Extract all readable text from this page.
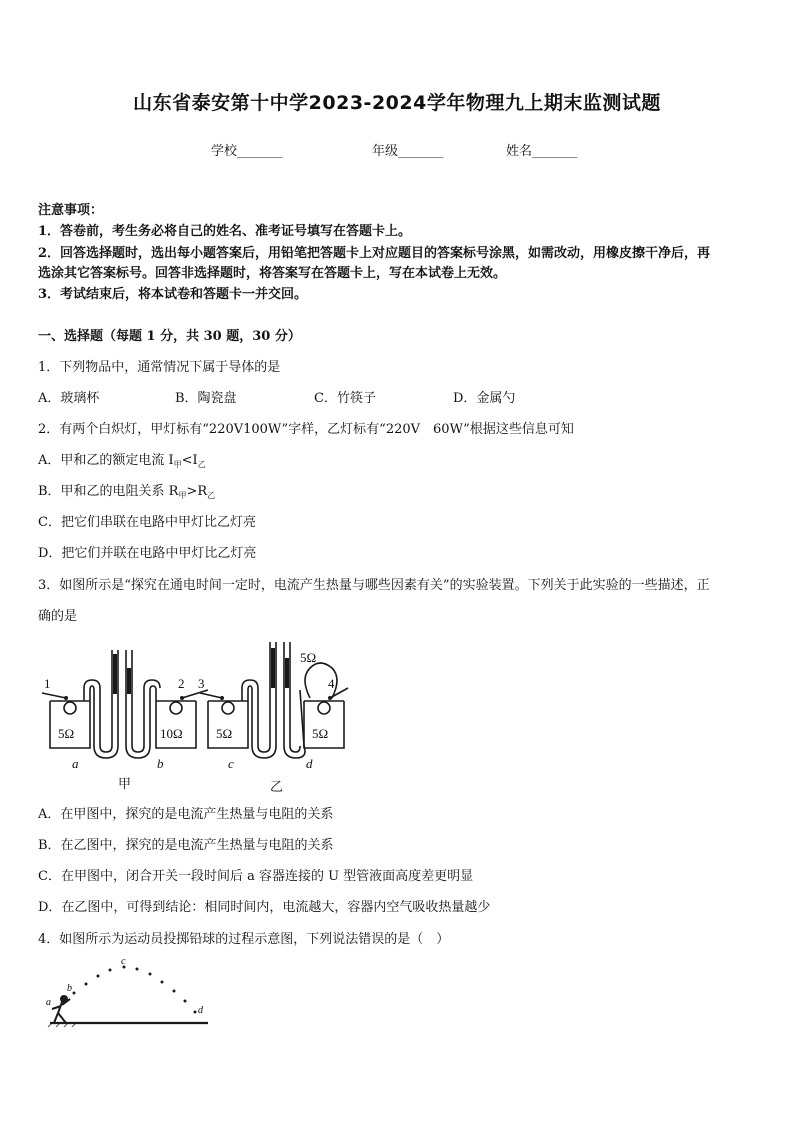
山东省泰安第十中学2023-2024学年物理九上期末监测试题
学校_______	年级_______	姓名_______
注意事项：
1．答卷前，考生务必将自己的姓名、准考证号填写在答题卡上。
2．回答选择题时，选出每小题答案后，用铅笔把答题卡上对应题目的答案标号涂黑，如需改动，用橡皮擦干净后，再
选涂其它答案标号。回答非选择题时，将答案写在答题卡上，写在本试卷上无效。
3．考试结束后，将本试卷和答题卡一并交回。
一、选择题（每题 1 分，共 30 题，30 分）
1．下列物品中，通常情况下属于导体的是
A．玻璃杯	B．陶瓷盘	C．竹筷子	D．金属勺
2．有两个白炽灯，甲灯标有“220V100W”字样，乙灯标有“220V　60W”根据这些信息可知
A．甲和乙的额定电流 $I_甲<I_乙$
B．甲和乙的电阻关系 $R_甲>R_乙$
C．把它们串联在电路中甲灯比乙灯亮
D．把它们并联在电路中甲灯比乙灯亮
3．如图所示是“探究在通电时间一定时，电流产生热量与哪些因素有关”的实验装置。下列关于此实验的一些描述，正
确的是
1	2 3	4
5Ω	10Ω	5Ω	5Ω
5Ω
a	b	c	d
甲	乙
A．在甲图中，探究的是电流产生热量与电阻的关系
B．在乙图中，探究的是电流产生热量与电阻的关系
C．在甲图中，闭合开关一段时间后 a 容器连接的 U 型管液面高度差更明显
D．在乙图中，可得到结论：相同时间内，电流越大，容器内空气吸收热量越少
4．如图所示为运动员投掷铅球的过程示意图，下列说法错误的是（　）
a
b
c
d
